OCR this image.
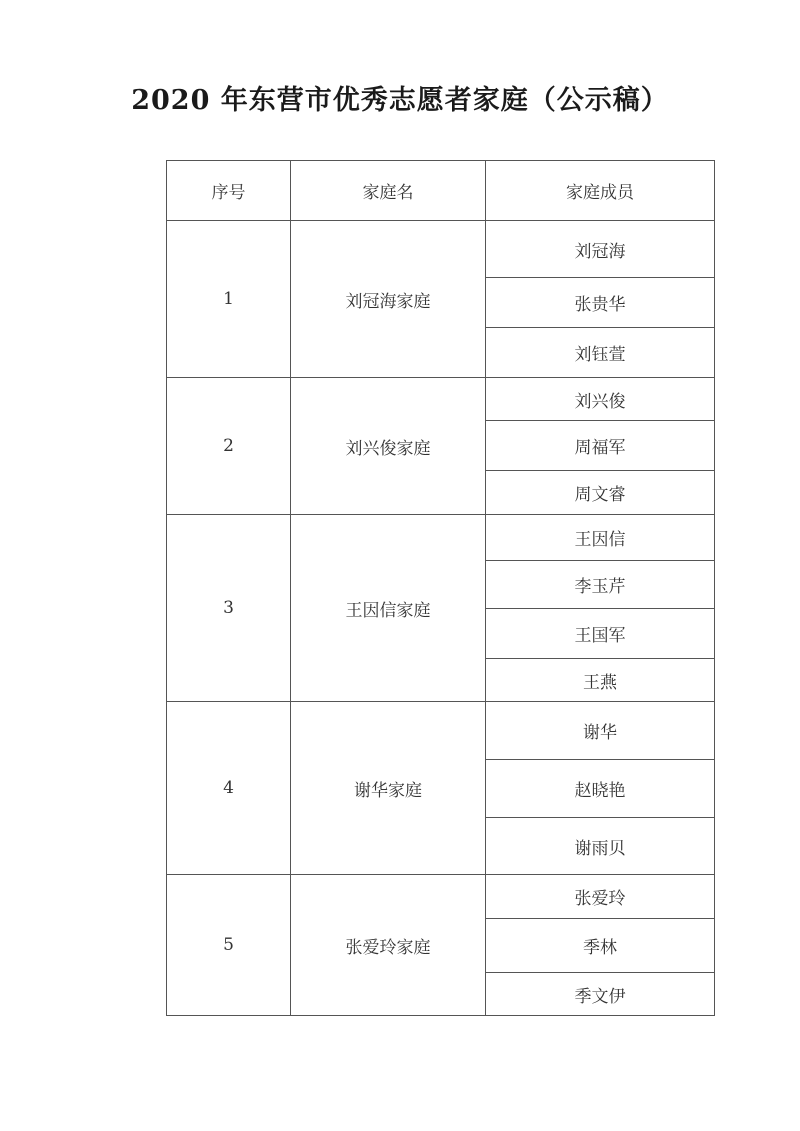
2020 年东营市优秀志愿者家庭（公示稿）
序号	家庭名	家庭成员
1	刘冠海家庭	刘冠海
		张贵华
		刘钰萱
2	刘兴俊家庭	刘兴俊
		周福军
		周文睿
3	王因信家庭	王因信
		李玉芹
		王国军
		王燕
4	谢华家庭	谢华
		赵晓艳
		谢雨贝
5	张爱玲家庭	张爱玲
		季林
		季文伊
